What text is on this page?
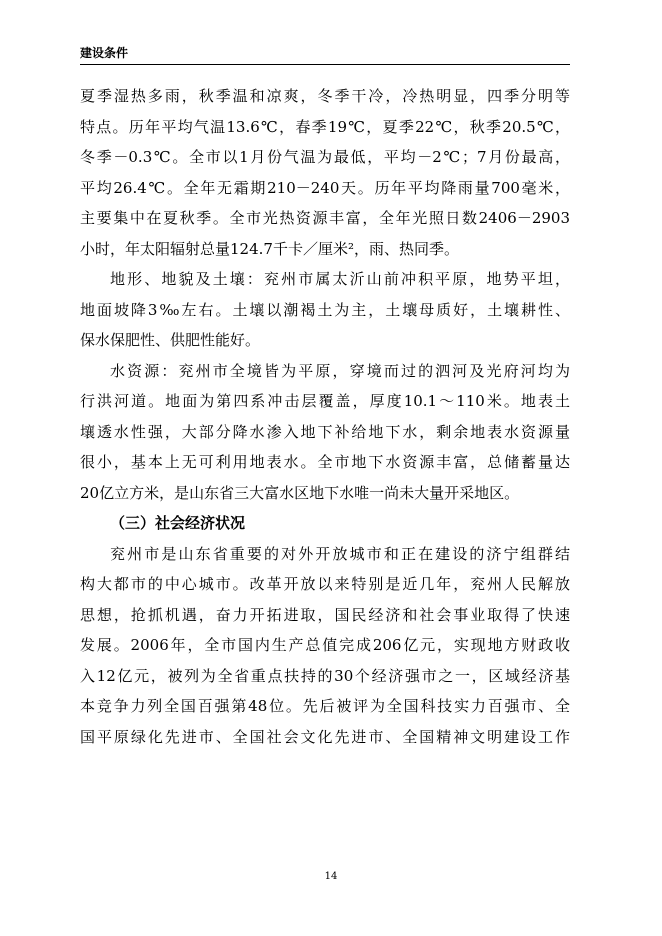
建设条件
夏季湿热多雨，秋季温和凉爽，冬季干冷，冷热明显，四季分明等
特点。历年平均气温13.6℃，春季19℃，夏季22℃，秋季20.5℃，
冬季－0.3℃。全市以1月份气温为最低，平均－2℃；7月份最高，
平均26.4℃。全年无霜期210－240天。历年平均降雨量700毫米，
主要集中在夏秋季。全市光热资源丰富，全年光照日数2406－2903
小时，年太阳辐射总量124.7千卡／厘米²，雨、热同季。
地形、地貌及土壤：兖州市属太沂山前冲积平原，地势平坦，
地面坡降3‰左右。土壤以潮褐土为主，土壤母质好，土壤耕性、
保水保肥性、供肥性能好。
水资源：兖州市全境皆为平原，穿境而过的泗河及光府河均为
行洪河道。地面为第四系冲击层覆盖，厚度10.1～110米。地表土
壤透水性强，大部分降水渗入地下补给地下水，剩余地表水资源量
很小，基本上无可利用地表水。全市地下水资源丰富，总储蓄量达
20亿立方米，是山东省三大富水区地下水唯一尚未大量开采地区。
（三）社会经济状况
兖州市是山东省重要的对外开放城市和正在建设的济宁组群结
构大都市的中心城市。改革开放以来特别是近几年，兖州人民解放
思想，抢抓机遇，奋力开拓进取，国民经济和社会事业取得了快速
发展。2006年，全市国内生产总值完成206亿元，实现地方财政收
入12亿元，被列为全省重点扶持的30个经济强市之一，区域经济基
本竞争力列全国百强第48位。先后被评为全国科技实力百强市、全
国平原绿化先进市、全国社会文化先进市、全国精神文明建设工作
14
